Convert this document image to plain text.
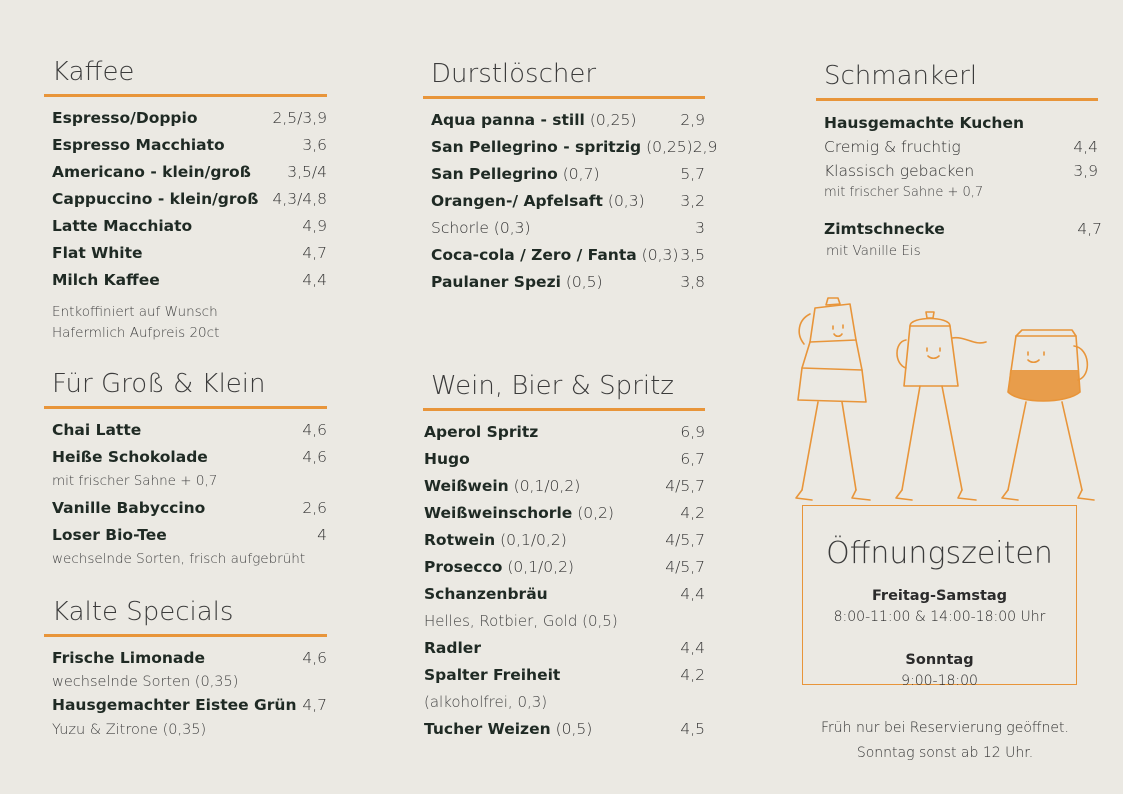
Kaffee
Espresso/Doppio	2,5/3,9
Espresso Macchiato	3,6
Americano - klein/groß 3,5/4
Cappuccino - klein/groß 4,3/4,8
Latte Macchiato	4,9
Flat White	4,7
Milch Kaffee	4,4
Entkoffiniert auf Wunsch
Hafermlich Aufpreis 20ct
Für Groß & Klein
Chai Latte	4,6
Heiße Schokolade	4,6
mit frischer Sahne + 0,7
Vanille Babyccino	2,6
Loser Bio-Tee	4
wechselnde Sorten, frisch aufgebrüht
Kalte Specials
Frische Limonade	4,6
wechselnde Sorten (0,35)
Hausgemachter Eistee Grün 4,7
Yuzu & Zitrone (0,35)
Durstlöscher
Aqua panna - still (0,25)	2,9
San Pellegrino - spritzig (0,25) 2,9
San Pellegrino (0,7)	5,7
Orangen-/ Apfelsaft (0,3) 3,2
Schorle (0,3)	3
Coca-cola / Zero / Fanta (0,3) 3,5
Paulaner Spezi (0,5)	3,8
Wein, Bier & Spritz
Aperol Spritz	6,9
Hugo	6,7
Weißwein (0,1/0,2)	4/5,7
Weißweinschorle (0,2)	4,2
Rotwein (0,1/0,2)	4/5,7
Prosecco (0,1/0,2)	4/5,7
Schanzenbräu	4,4
Helles, Rotbier, Gold (0,5)
Radler	4,4
Spalter Freiheit	4,2
(alkoholfrei, 0,3)
Tucher Weizen (0,5)	4,5
Schmankerl
Hausgemachte Kuchen
Cremig & fruchtig	4,4
Klassisch gebacken	3,9
mit frischer Sahne + 0,7
Zimtschnecke	4,7
mit Vanille Eis
Öffnungszeiten
Freitag-Samstag
8:00-11:00 & 14:00-18:00 Uhr
Sonntag
9:00-18:00
Früh nur bei Reservierung geöffnet.
Sonntag sonst ab 12 Uhr.
